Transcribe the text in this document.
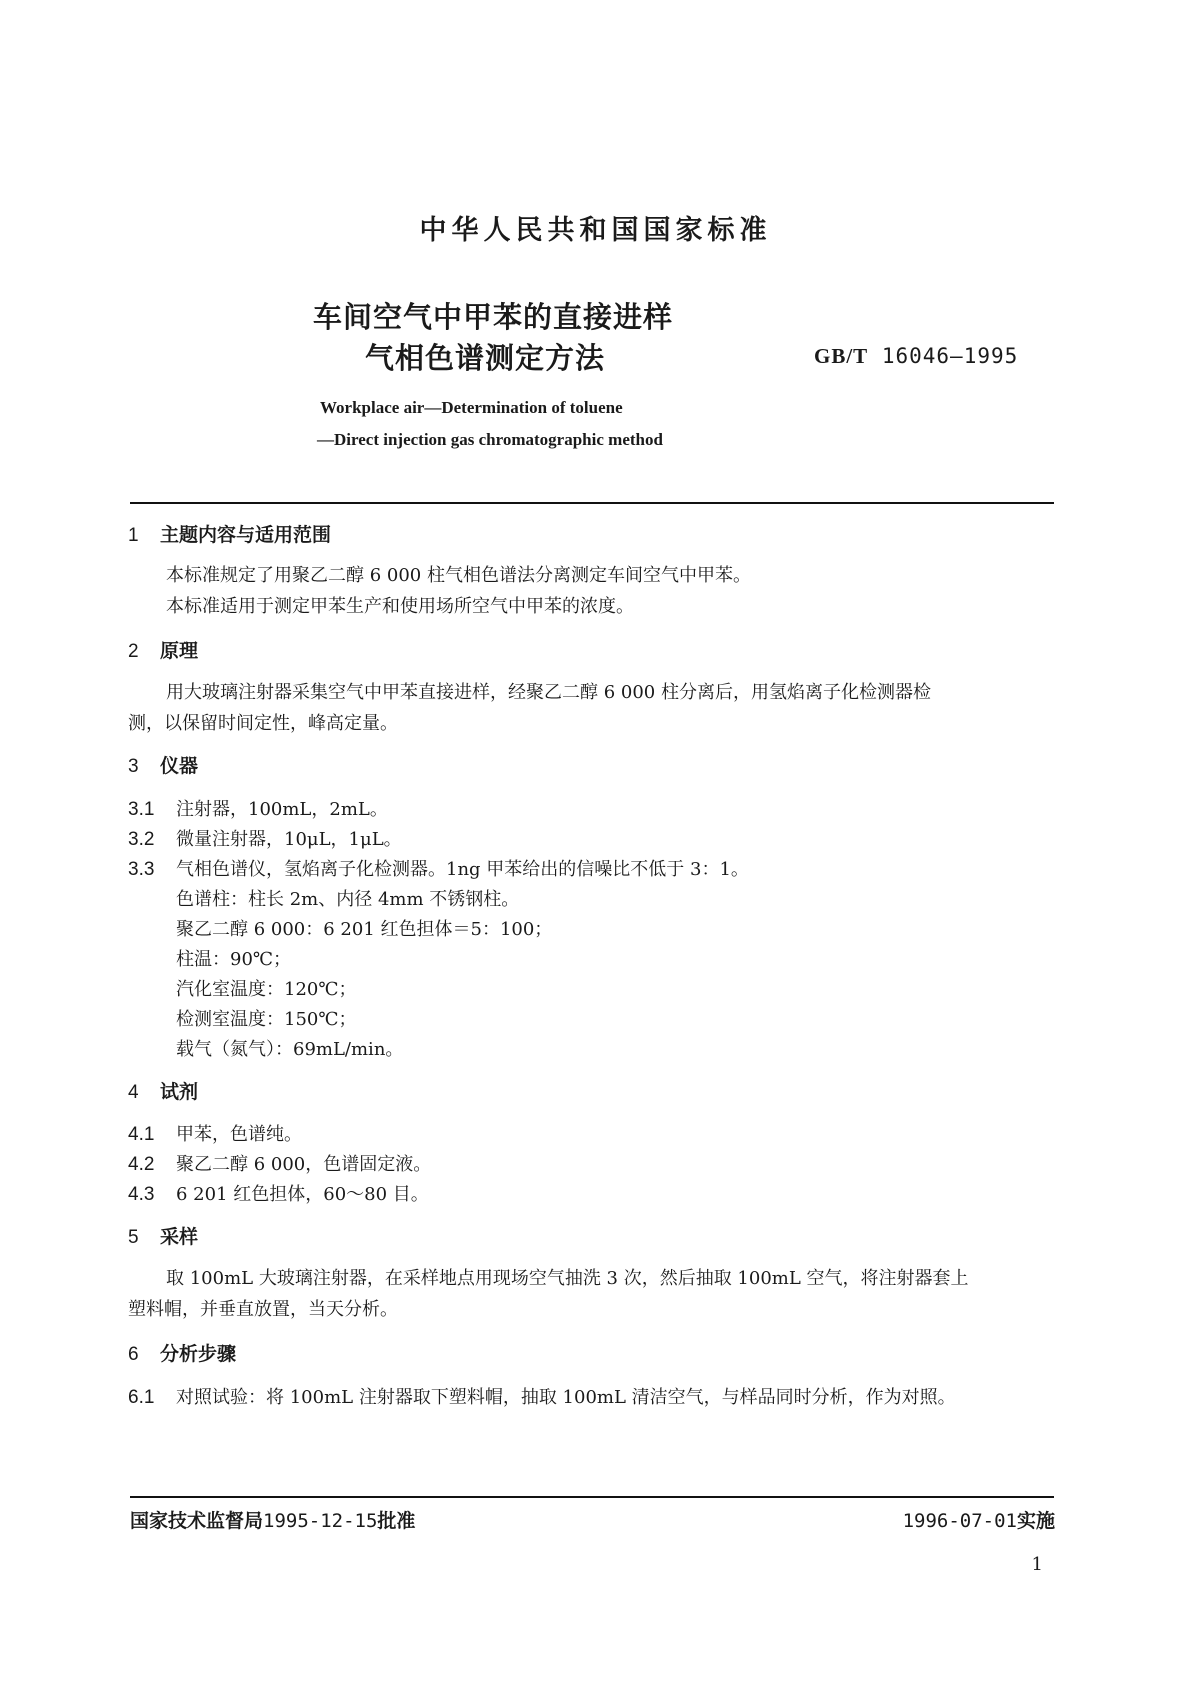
中华人民共和国国家标准
车间空气中甲苯的直接进样
气相色谱测定方法	GB/T 16046—1995
Workplace air—Determination of toluene
—Direct injection gas chromatographic method
1 主题内容与适用范围
本标准规定了用聚乙二醇 6 000 柱气相色谱法分离测定车间空气中甲苯。
本标准适用于测定甲苯生产和使用场所空气中甲苯的浓度。
2 原理
用大玻璃注射器采集空气中甲苯直接进样，经聚乙二醇 6 000 柱分离后，用氢焰离子化检测器检
测，以保留时间定性，峰高定量。
3 仪器
3.1 注射器，100mL，2mL。
3.2 微量注射器，10μL，1μL。
3.3 气相色谱仪，氢焰离子化检测器。1ng 甲苯给出的信噪比不低于 3：1。
色谱柱：柱长 2m、内径 4mm 不锈钢柱。
聚乙二醇 6 000：6 201 红色担体＝5：100；
柱温：90℃；
汽化室温度：120℃；
检测室温度：150℃；
载气（氮气）：69mL/min。
4 试剂
4.1 甲苯，色谱纯。
4.2 聚乙二醇 6 000，色谱固定液。
4.3 6 201 红色担体，60～80 目。
5 采样
取 100mL 大玻璃注射器，在采样地点用现场空气抽洗 3 次，然后抽取 100mL 空气，将注射器套上
塑料帽，并垂直放置，当天分析。
6 分析步骤
6.1 对照试验：将 100mL 注射器取下塑料帽，抽取 100mL 清洁空气，与样品同时分析，作为对照。
国家技术监督局1995-12-15批准	1996-07-01实施
1
